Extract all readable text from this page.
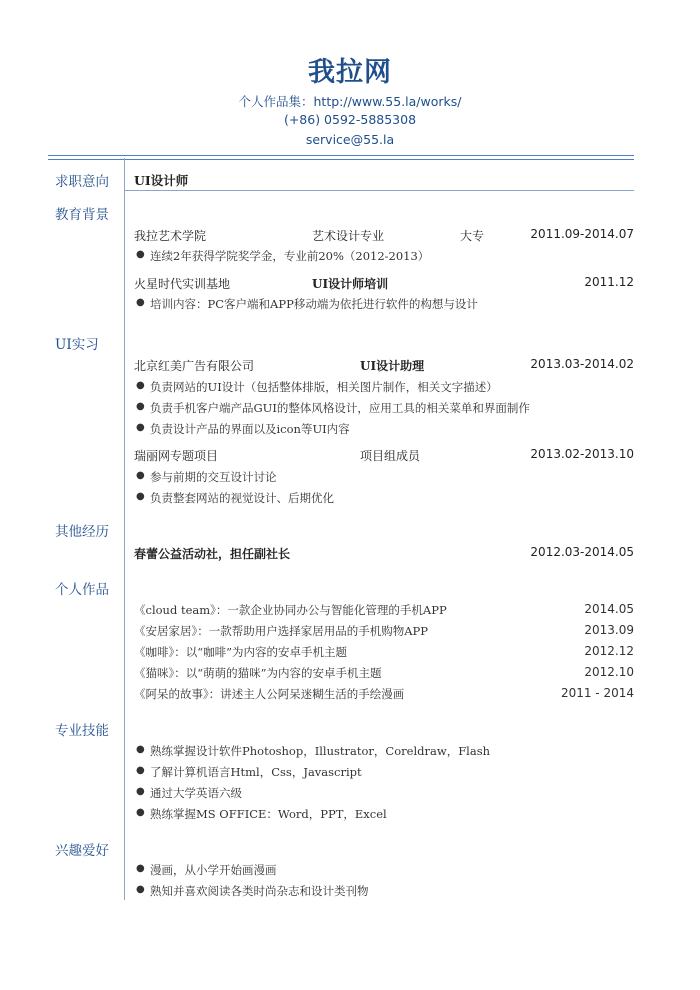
我拉网
个人作品集：http://www.55.la/works/
(+86) 0592-5885308
service@55.la
求职意向 UI设计师
教育背景
我拉艺术学院	艺术设计专业	大专	2011.09-2014.07
● 连续2年获得学院奖学金，专业前20%（2012-2013）
火星时代实训基地	UI设计师培训	2011.12
● 培训内容：PC客户端和APP移动端为依托进行软件的构想与设计
UI实习
北京红美广告有限公司	UI设计助理	2013.03-2014.02
● 负责网站的UI设计（包括整体排版，相关图片制作，相关文字描述）
● 负责手机客户端产品GUI的整体风格设计，应用工具的相关菜单和界面制作
● 负责设计产品的界面以及icon等UI内容
瑞丽网专题项目	项目组成员	2013.02-2013.10
● 参与前期的交互设计讨论
● 负责整套网站的视觉设计、后期优化
其他经历
春蕾公益活动社，担任副社长	2012.03-2014.05
个人作品
《cloud team》：一款企业协同办公与智能化管理的手机APP	2014.05
《安居家居》：一款帮助用户选择家居用品的手机购物APP	2013.09
《咖啡》：以“咖啡”为内容的安卓手机主题	2012.12
《猫咪》：以“萌萌的猫咪”为内容的安卓手机主题	2012.10
《阿呆的故事》：讲述主人公阿呆迷糊生活的手绘漫画	2011 - 2014
专业技能
● 熟练掌握设计软件Photoshop，Illustrator，Coreldraw，Flash
● 了解计算机语言Html，Css，Javascript
● 通过大学英语六级
● 熟练掌握MS OFFICE：Word，PPT，Excel
兴趣爱好
● 漫画，从小学开始画漫画
● 熟知并喜欢阅读各类时尚杂志和设计类刊物
